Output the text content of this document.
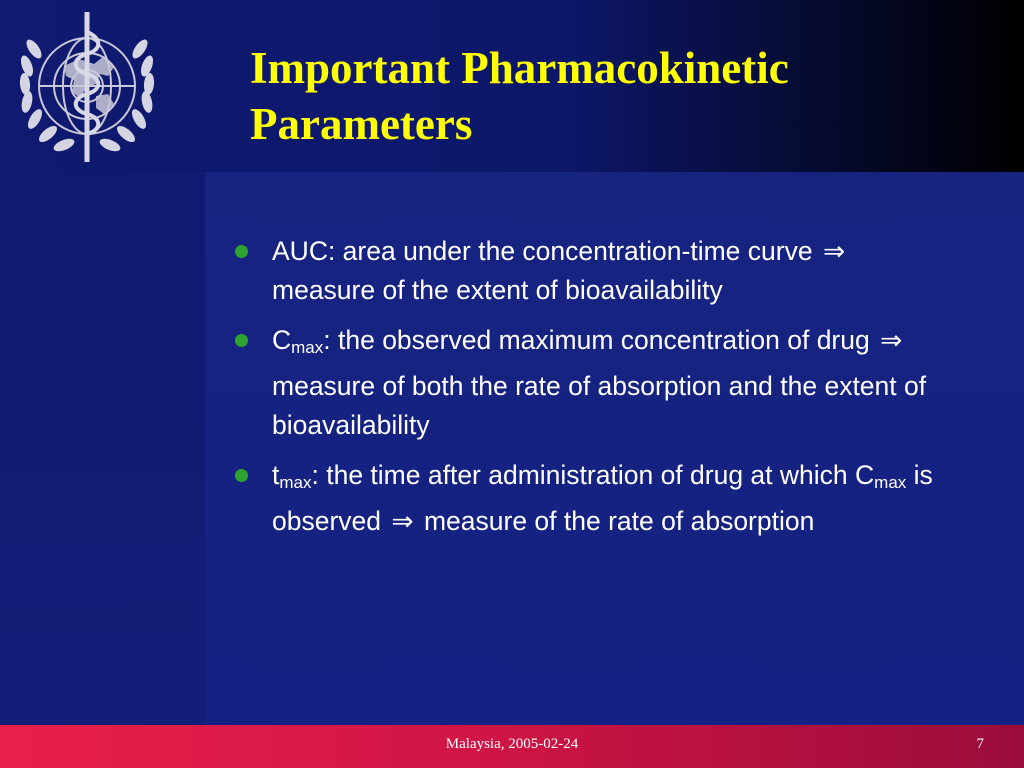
Important Pharmacokinetic
Parameters
AUC: area under the concentration-time curve ⇒ measure of the extent of bioavailability
$C_{max}$: the observed maximum concentration of drug ⇒ measure of both the rate of absorption and the extent of bioavailability
$t_{max}$: the time after administration of drug at which $C_{max}$ is observed ⇒ measure of the rate of absorption
Malaysia, 2005-02-24	7
